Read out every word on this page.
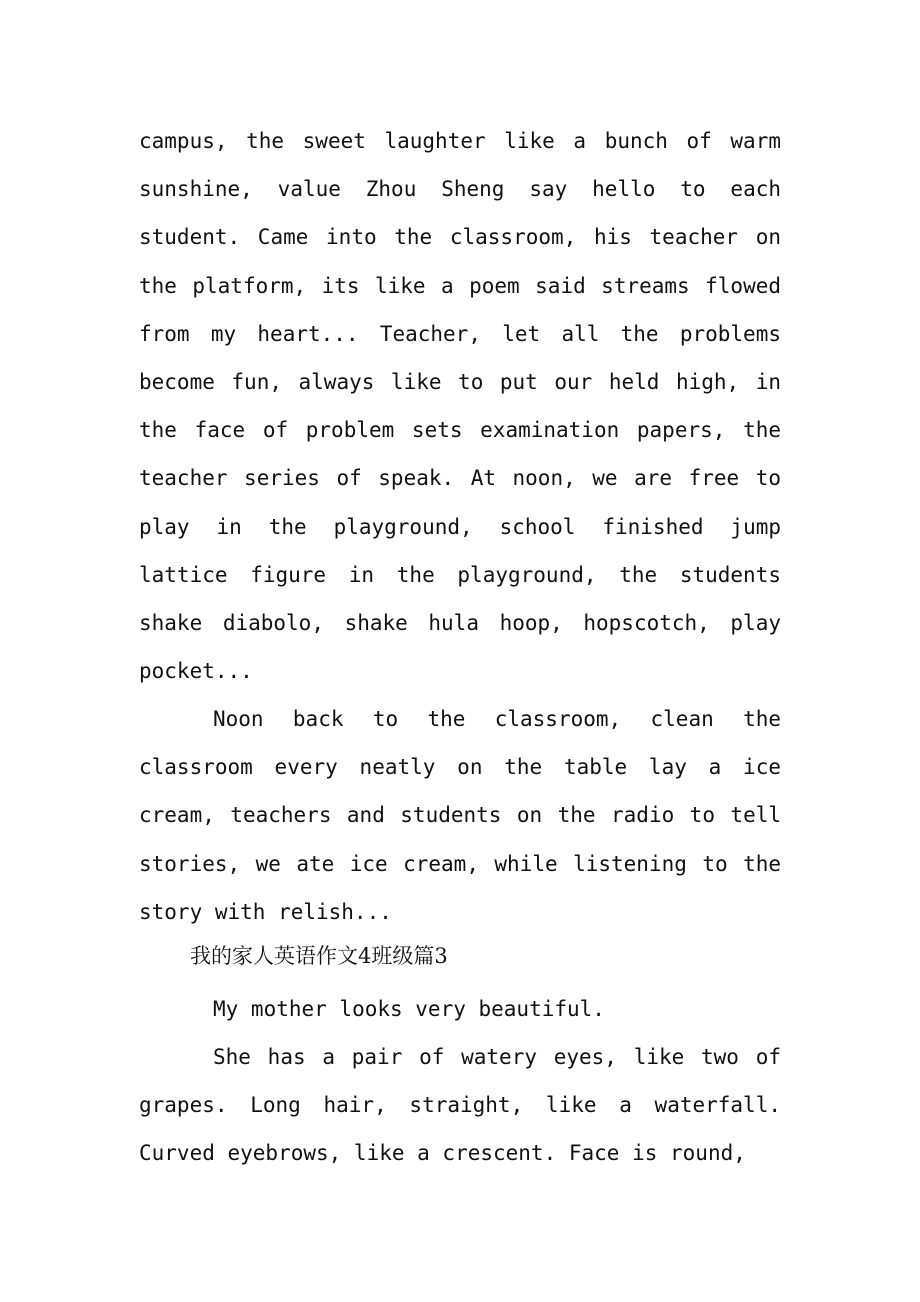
campus, the sweet laughter like a bunch of warm sunshine, value Zhou Sheng say hello to each student. Came into the classroom, his teacher on the platform, its like a poem said streams flowed from my heart... Teacher, let all the problems become fun, always like to put our held high, in the face of problem sets examination papers, the teacher series of speak. At noon, we are free to play in the playground, school finished jump lattice figure in the playground, the students shake diabolo, shake hula hoop, hopscotch, play pocket...

Noon back to the classroom, clean the classroom every neatly on the table lay a ice cream, teachers and students on the radio to tell stories, we ate ice cream, while listening to the story with relish...

我的家人英语作文4班级篇3

My mother looks very beautiful.

She has a pair of watery eyes, like two of grapes. Long hair, straight, like a waterfall. Curved eyebrows, like a crescent. Face is round,
